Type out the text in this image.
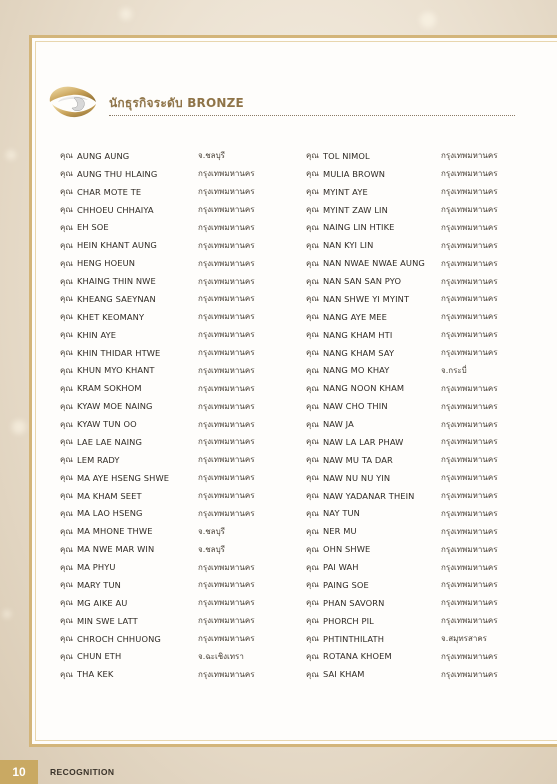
นักธุรกิจระดับ BRONZE
คุณ AUNG AUNG	จ.ชลบุรี
คุณ AUNG THU HLAING	กรุงเทพมหานคร
คุณ CHAR MOTE TE	กรุงเทพมหานคร
คุณ CHHOEU CHHAIYA	กรุงเทพมหานคร
คุณ EH SOE	กรุงเทพมหานคร
คุณ HEIN KHANT AUNG	กรุงเทพมหานคร
คุณ HENG HOEUN	กรุงเทพมหานคร
คุณ KHAING THIN NWE	กรุงเทพมหานคร
คุณ KHEANG SAEYNAN	กรุงเทพมหานคร
คุณ KHET KEOMANY	กรุงเทพมหานคร
คุณ KHIN AYE	กรุงเทพมหานคร
คุณ KHIN THIDAR HTWE	กรุงเทพมหานคร
คุณ KHUN MYO KHANT	กรุงเทพมหานคร
คุณ KRAM SOKHOM	กรุงเทพมหานคร
คุณ KYAW MOE NAING	กรุงเทพมหานคร
คุณ KYAW TUN OO	กรุงเทพมหานคร
คุณ LAE LAE NAING	กรุงเทพมหานคร
คุณ LEM RADY	กรุงเทพมหานคร
คุณ MA AYE HSENG SHWE	กรุงเทพมหานคร
คุณ MA KHAM SEET	กรุงเทพมหานคร
คุณ MA LAO HSENG	กรุงเทพมหานคร
คุณ MA MHONE THWE	จ.ชลบุรี
คุณ MA NWE MAR WIN	จ.ชลบุรี
คุณ MA PHYU	กรุงเทพมหานคร
คุณ MARY TUN	กรุงเทพมหานคร
คุณ MG AIKE AU	กรุงเทพมหานคร
คุณ MIN SWE LATT	กรุงเทพมหานคร
คุณ CHROCH CHHUONG	กรุงเทพมหานคร
คุณ CHUN ETH	จ.ฉะเชิงเทรา
คุณ THA KEK	กรุงเทพมหานคร
คุณ TOL NIMOL	กรุงเทพมหานคร
คุณ MULIA BROWN	กรุงเทพมหานคร
คุณ MYINT AYE	กรุงเทพมหานคร
คุณ MYINT ZAW LIN	กรุงเทพมหานคร
คุณ NAING LIN HTIKE	กรุงเทพมหานคร
คุณ NAN KYI LIN	กรุงเทพมหานคร
คุณ NAN NWAE NWAE AUNG	กรุงเทพมหานคร
คุณ NAN SAN SAN PYO	กรุงเทพมหานคร
คุณ NAN SHWE YI MYINT	กรุงเทพมหานคร
คุณ NANG AYE MEE	กรุงเทพมหานคร
คุณ NANG KHAM HTI	กรุงเทพมหานคร
คุณ NANG KHAM SAY	กรุงเทพมหานคร
คุณ NANG MO KHAY	จ.กระบี่
คุณ NANG NOON KHAM	กรุงเทพมหานคร
คุณ NAW CHO THIN	กรุงเทพมหานคร
คุณ NAW JA	กรุงเทพมหานคร
คุณ NAW LA LAR PHAW	กรุงเทพมหานคร
คุณ NAW MU TA DAR	กรุงเทพมหานคร
คุณ NAW NU NU YIN	กรุงเทพมหานคร
คุณ NAW YADANAR THEIN	กรุงเทพมหานคร
คุณ NAY TUN	กรุงเทพมหานคร
คุณ NER MU	กรุงเทพมหานคร
คุณ OHN SHWE	กรุงเทพมหานคร
คุณ PAI WAH	กรุงเทพมหานคร
คุณ PAING SOE	กรุงเทพมหานคร
คุณ PHAN SAVORN	กรุงเทพมหานคร
คุณ PHORCH PIL	กรุงเทพมหานคร
คุณ PHTINTHILATH	จ.สมุทรสาคร
คุณ ROTANA KHOEM	กรุงเทพมหานคร
คุณ SAI KHAM	กรุงเทพมหานคร
10	RECOGNITION
